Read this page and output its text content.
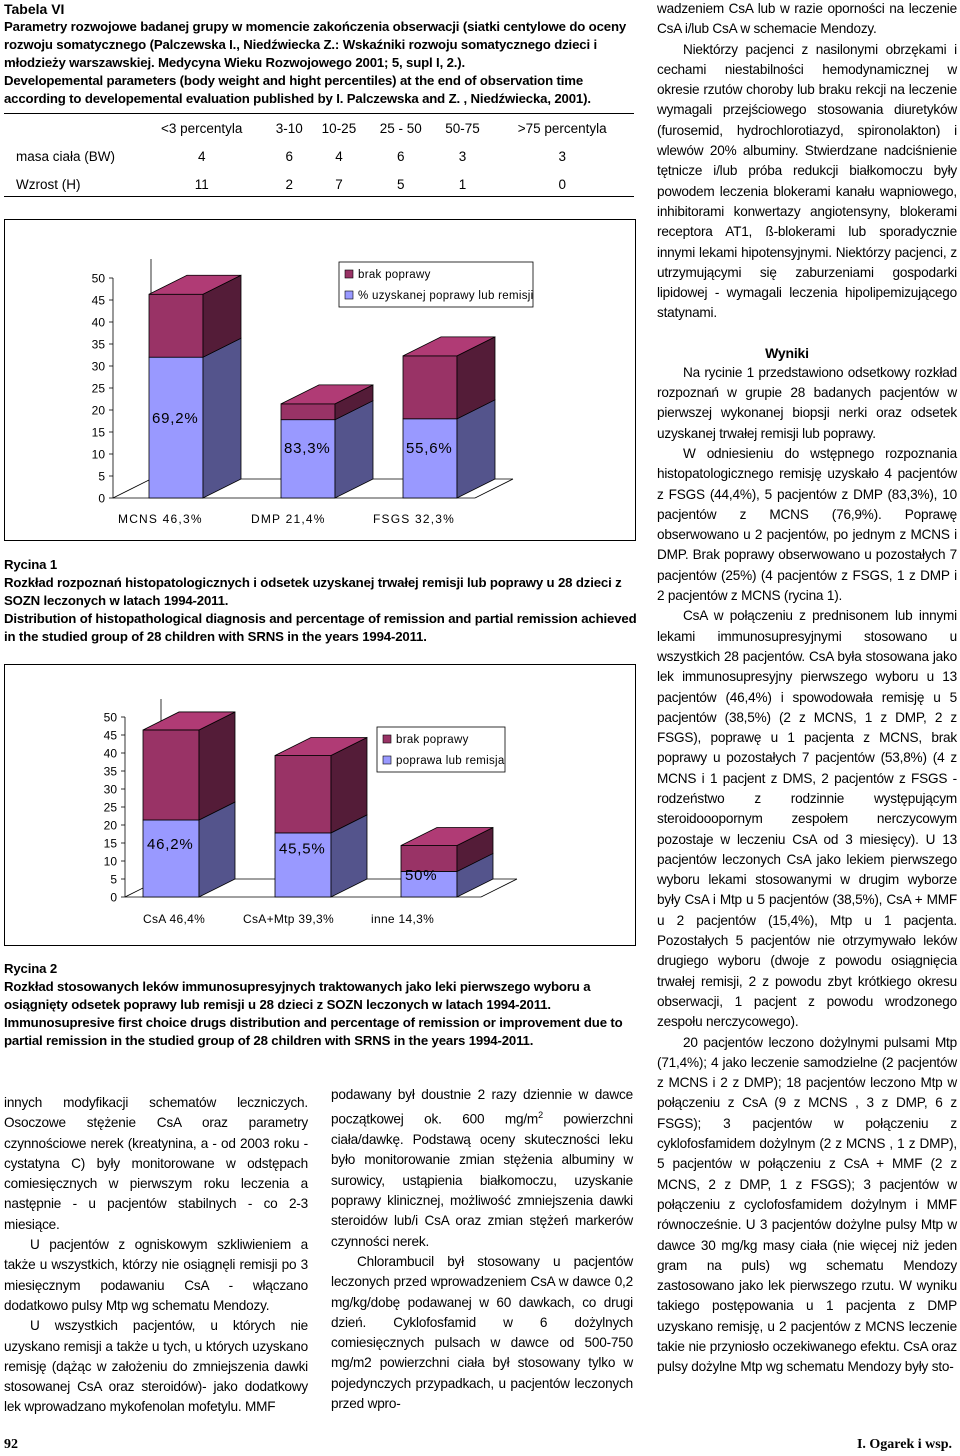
Tabela VI
Parametry rozwojowe badanej grupy w momencie zakończenia obserwacji (siatki centylowe do oceny rozwoju somatycznego (Palczewska I., Niedźwiecka Z.: Wskaźniki rozwoju somatycznego dzieci i młodzieży warszawskiej. Medycyna Wieku Rozwojowego 2001; 5, supl I, 2.).
Developemental parameters (body weight and hight percentiles) at the end of observation time according to developemental evaluation published by I. Palczewska and Z. , Niedźwiecka, 2001).
	<3 percentyla	3-10	10-25	25 - 50	50-75	>75 percentyla
masa ciała (BW)	4	6	4	6	3	3
Wzrost (H)	11	2	7	5	1	0
0
5
10
15
20
25
30
35
40
45
50
MCNS 46,3%
69,2%
DMP 21,4%
83,3%
FSGS 32,3%
55,6%
brak poprawy
% uzyskanej poprawy lub remisji
Rycina 1
Rozkład rozpoznań histopatologicznych i odsetek uzyskanej trwałej remisji lub poprawy u 28 dzieci z SOZN leczonych w latach 1994-2011.
Distribution of histopathological diagnosis and percentage of remission and partial remission achieved in the studied group of 28 children with SRNS in the years 1994-2011.
0
5
10
15
20
25
30
35
40
45
50
CsA 46,4%
46,2%
CsA+Mtp 39,3%
45,5%
inne 14,3%
50%
brak poprawy
poprawa lub remisja
Rycina 2
Rozkład stosowanych leków immunosupresyjnych traktowanych jako leki pierwszego wyboru a osiągnięty odsetek poprawy lub remisji u 28 dzieci z SOZN leczonych w latach 1994-2011.
Immunosupresive first choice drugs distribution and percentage of remission or improvement due to partial remission in the studied group of 28 children with SRNS in the years 1994-2011.

innych modyfikacji schematów leczniczych. Osoczowe stężenie CsA oraz parametry czynnościowe nerek (kreatynina, a - od 2003 roku - cystatyna C) były monitorowane w odstępach comiesięcznych w pierwszym roku leczenia a następnie - u pacjentów stabilnych - co 2-3 miesiące.

U pacjentów z ogniskowym szkliwieniem a także u wszystkich, którzy nie osiągnęli remisji po 3 miesięcznym podawaniu CsA - włączano dodatkowo pulsy Mtp wg schematu Mendozy.

U wszystkich pacjentów, u których nie uzyskano remisji a także u tych, u których uzyskano remisję (dążąc w założeniu do zmniejszenia dawki stosowanej CsA oraz steroidów)- jako dodatkowy lek wprowadzano mykofenolan mofetylu. MMF

podawany był doustnie 2 razy dziennie w dawce początkowej ok. 600 $mg/m^2$ powierzchni ciała/dawkę. Podstawą oceny skuteczności leku było monitorowanie zmian stężenia albuminy w surowicy, ustąpienia białkomoczu, uzyskanie poprawy klinicznej, możliwość zmniejszenia dawki steroidów lub/i CsA oraz zmian stężeń markerów czynności nerek.

Chlorambucil był stosowany u pacjentów leczonych przed wprowadzeniem CsA w dawce 0,2 mg/kg/dobę podawanej w 60 dawkach, co drugi dzień. Cyklofosfamid w 6 dożylnych comiesięcznych pulsach w dawce od 500-750 mg/m2 powierzchni ciała był stosowany tylko w pojedynczych przypadkach, u pacjentów leczonych przed wpro-

wadzeniem CsA lub w razie oporności na leczenie CsA i/lub CsA w schemacie Mendozy.

Niektórzy pacjenci z nasilonymi obrzękami i cechami niestabilności hemodynamicznej w okresie rzutów choroby lub braku rekcji na leczenie wymagali przejściowego stosowania diuretyków (furosemid, hydrochlorotiazyd, spironolakton) i wlewów 20% albuminy. Stwierdzane nadciśnienie tętnicze i/lub próba redukcji białkomoczu były powodem leczenia blokerami kanału wapniowego, inhibitorami konwertazy angiotensyny, blokerami receptora AT1, ß-blokerami lub sporadycznie innymi lekami hipotensyjnymi. Niektórzy pacjenci, z utrzymującymi się zaburzeniami gospodarki lipidowej - wymagali leczenia hipolipemizującego statynami.

Wyniki

Na rycinie 1 przedstawiono odsetkowy rozkład rozpoznań w grupie 28 badanych pacjentów w pierwszej wykonanej biopsji nerki oraz odsetek uzyskanej trwałej remisji lub poprawy.

W odniesieniu do wstępnego rozpoznania histopatologicznego remisję uzyskało 4 pacjentów z FSGS (44,4%), 5 pacjentów z DMP (83,3%), 10 pacjentów z MCNS (76,9%). Poprawę obserwowano u 2 pacjentów, po jednym z MCNS i DMP. Brak poprawy obserwowano u pozostałych 7 pacjentów (25%) (4 pacjentów z FSGS, 1 z DMP i 2 pacjentów z MCNS (rycina 1).

CsA w połączeniu z prednisonem lub innymi lekami immunosupresyjnymi stosowano u wszystkich 28 pacjentów. CsA była stosowana jako lek immunosupresyjny pierwszego wyboru u 13 pacjentów (46,4%) i spowodowała remisję u 5 pacjentów (38,5%) (2 z MCNS, 1 z DMP, 2 z FSGS), poprawę u 1 pacjenta z MCNS, brak poprawy u pozostałych 7 pacjentów (53,8%) (4 z MCNS i 1 pacjent z DMS, 2 pacjentów z FSGS - rodzeństwo z rodzinnie występującym steroidooopornym zespołem nerczycowym pozostaje w leczeniu CsA od 3 miesięcy). U 13 pacjentów leczonych CsA jako lekiem pierwszego wyboru lekami stosowanymi w drugim wyborze były CsA i Mtp u 5 pacjentów (38,5%), CsA + MMF u 2 pacjentów (15,4%), Mtp u 1 pacjenta. Pozostałych 5 pacjentów nie otrzymywało leków drugiego wyboru (dwoje z powodu osiągnięcia trwałej remisji, 2 z powodu zbyt krótkiego okresu obserwacji, 1 pacjent z powodu wrodzonego zespołu nerczycowego).

20 pacjentów leczono dożylnymi pulsami Mtp (71,4%); 4 jako leczenie samodzielne (2 pacjentów z MCNS i 2 z DMP); 18 pacjentów leczono Mtp w połączeniu z CsA (9 z MCNS , 3 z DMP, 6 z FSGS); 3 pacjentów w połączeniu z cyklofosfamidem dożylnym (2 z MCNS , 1 z DMP), 5 pacjentów w połączeniu z CsA + MMF (2 z MCNS, 2 z DMP, 1 z FSGS); 3 pacjentów w połączeniu z cyclofosfamidem dożylnym i MMF równocześnie. U 3 pacjentów dożylne pulsy Mtp w dawce 30 mg/kg masy ciała (nie więcej niż jeden gram na puls) wg schematu Mendozy zastosowano jako lek pierwszego rzutu. W wyniku takiego postępowania u 1 pacjenta z DMP uzyskano remisję, u 2 pacjentów z MCNS leczenie takie nie przyniosło oczekiwanego efektu. CsA oraz pulsy dożylne Mtp wg schematu Mendozy były sto-

92	I. Ogarek i wsp.
